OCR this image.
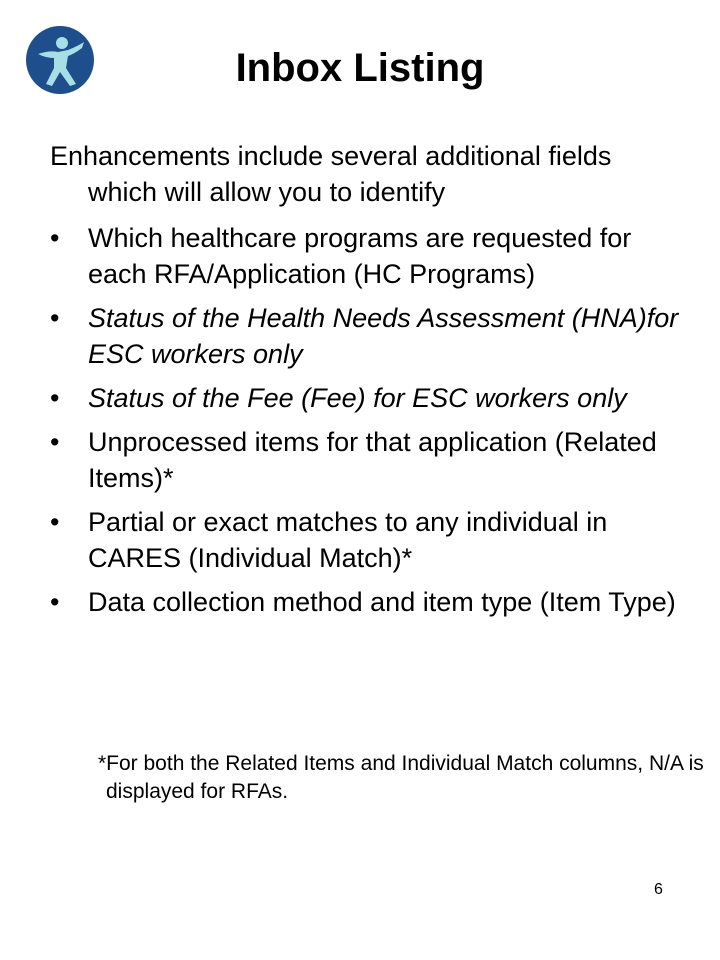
Inbox Listing

Enhancements include several additional fields which will allow you to identify

• Which healthcare programs are requested for each RFA/Application (HC Programs)
• Status of the Health Needs Assessment (HNA)for ESC workers only
• Status of the Fee (Fee) for ESC workers only
• Unprocessed items for that application (Related Items)*
• Partial or exact matches to any individual in CARES (Individual Match)*
• Data collection method and item type (Item Type)

*For both the Related Items and Individual Match columns, N/A is displayed for RFAs.

6
